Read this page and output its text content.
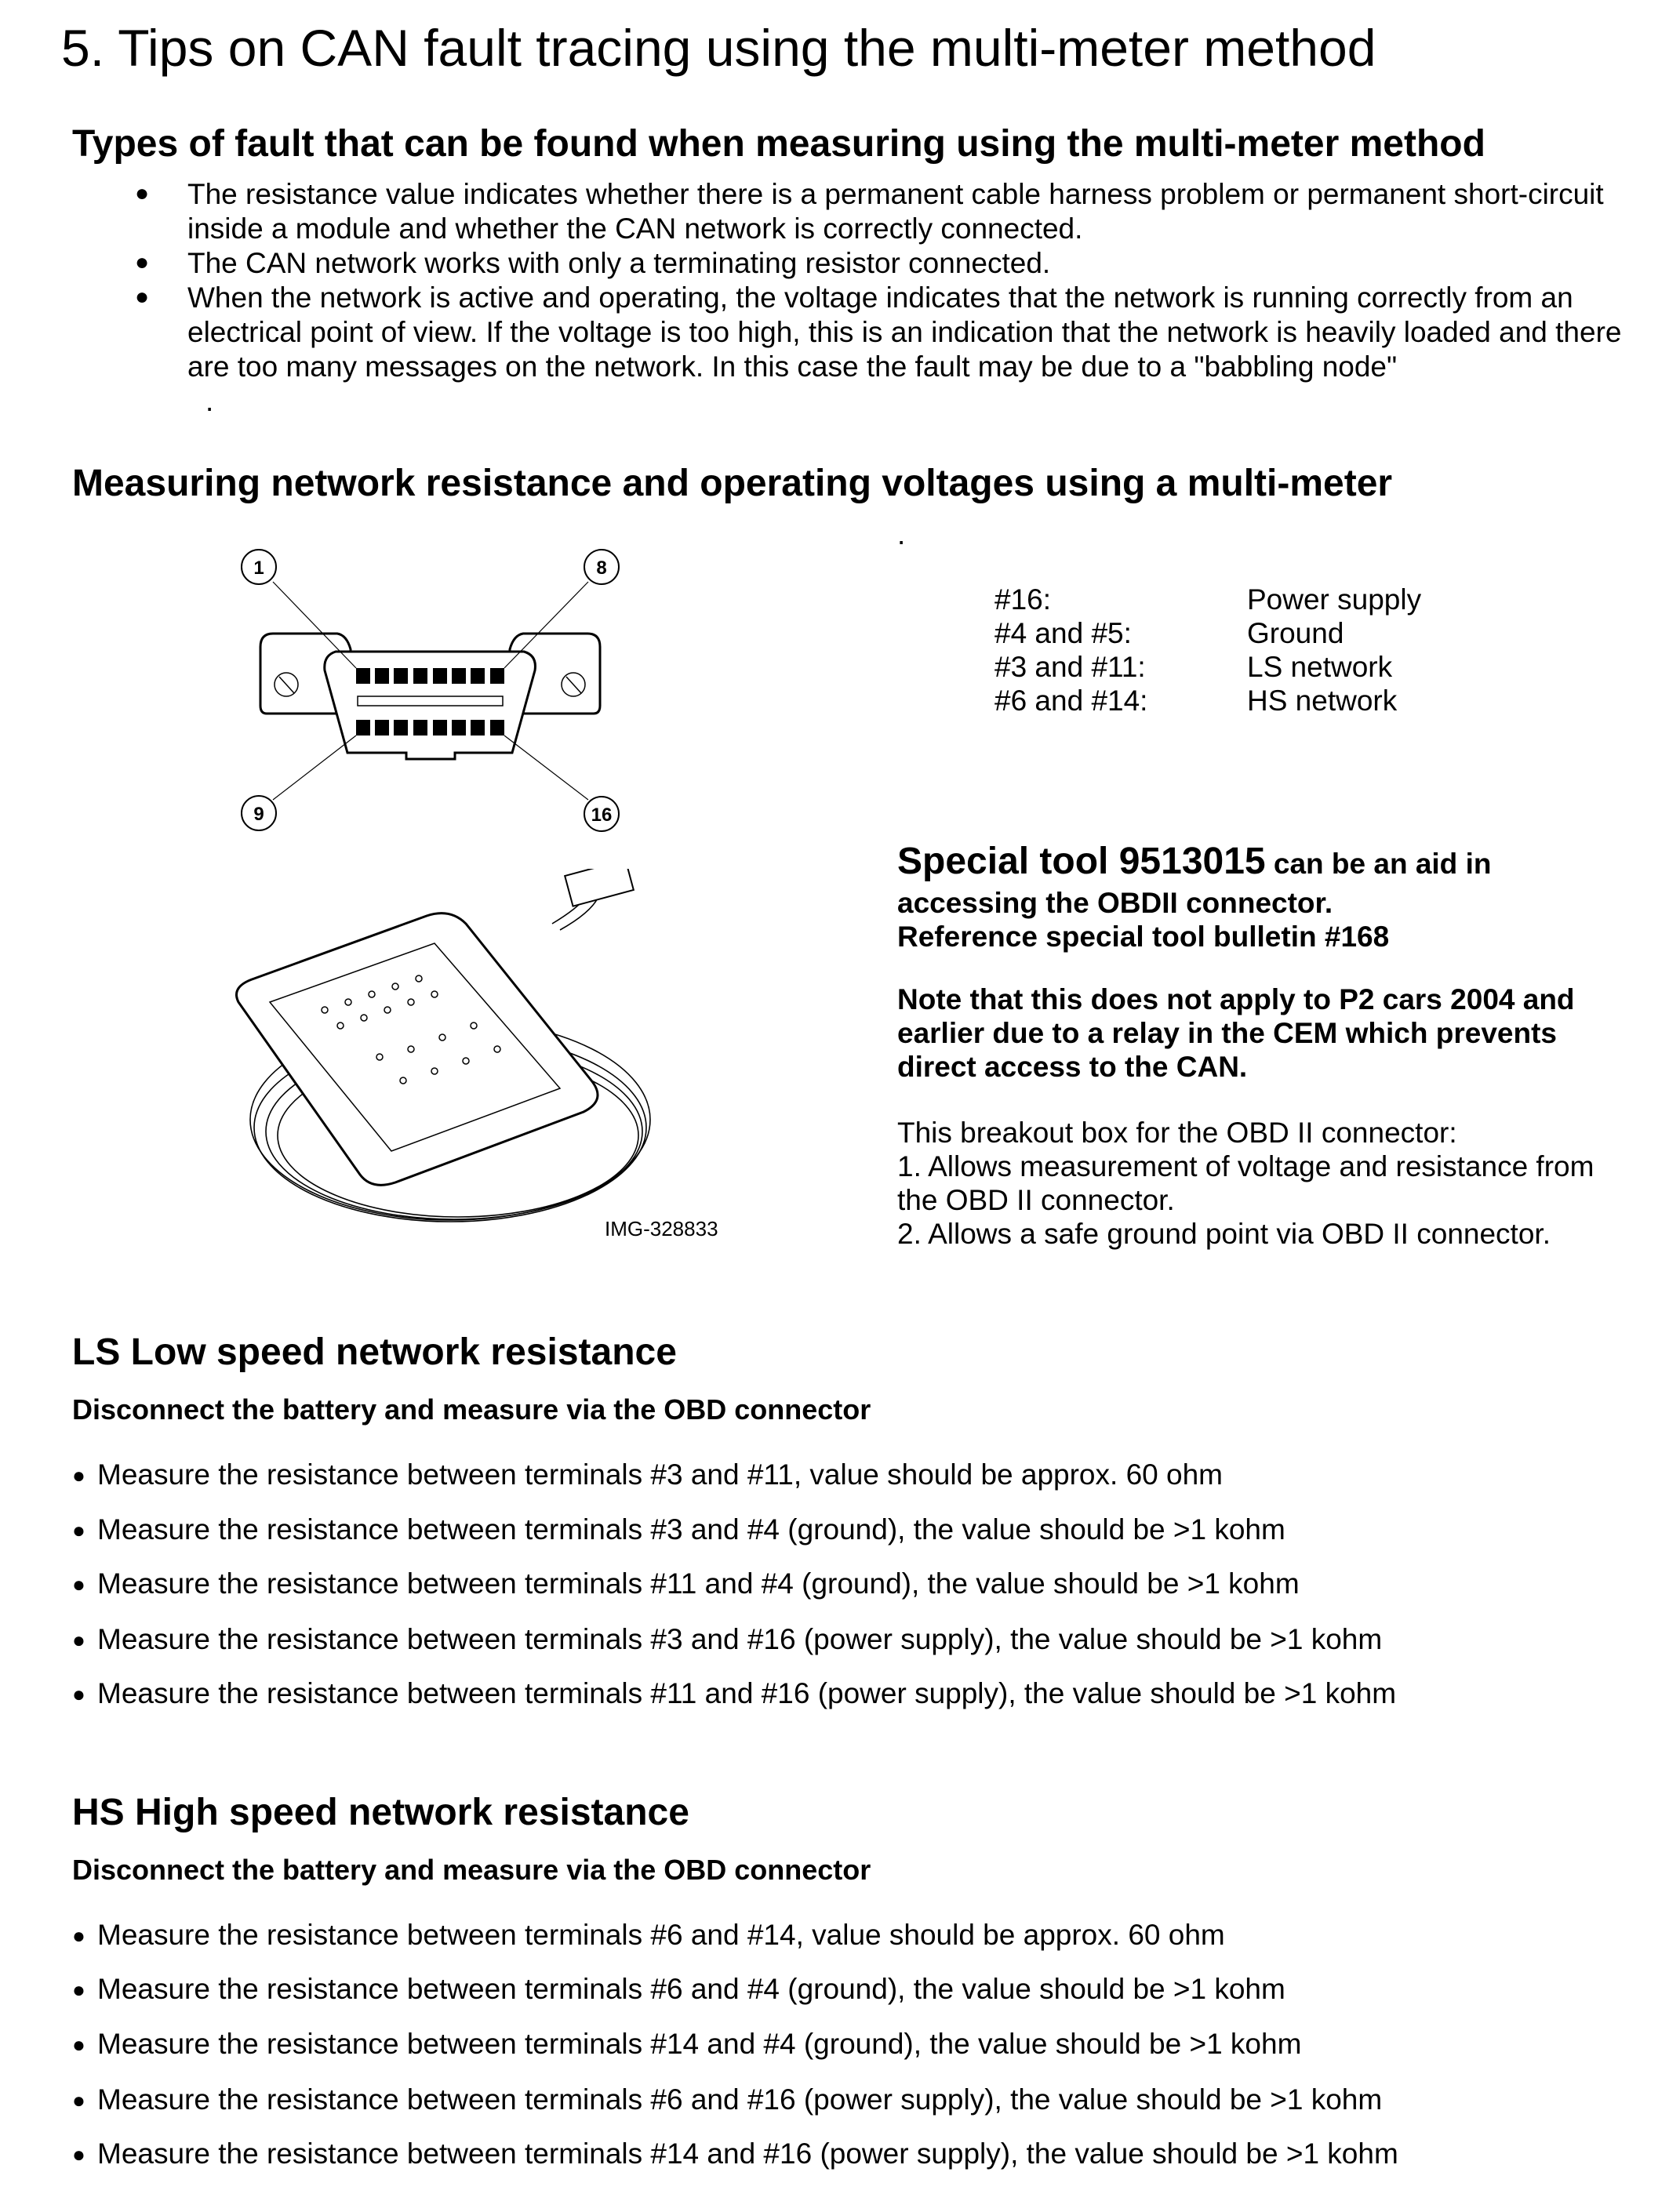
5. Tips on CAN fault tracing using the multi-meter method
Types of fault that can be found when measuring using the multi-meter method
● The resistance value indicates whether there is a permanent cable harness problem or permanent short-circuit
inside a module and whether the CAN network is correctly connected.
● The CAN network works with only a terminating resistor connected.
● When the network is active and operating, the voltage indicates that the network is running correctly from an
electrical point of view. If the voltage is too high, this is an indication that the network is heavily loaded and there
are too many messages on the network. In this case the fault may be due to a "babbling node"
.
Measuring network resistance and operating voltages using a multi-meter
.
1	8
9	16
#16:	Power supply
#4 and #5:	Ground
#3 and #11:	LS network
#6 and #14:	HS network
IMG-328833
Special tool 9513015 can be an aid in
accessing the OBDII connector.
Reference special tool bulletin #168
Note that this does not apply to P2 cars 2004 and
earlier due to a relay in the CEM which prevents
direct access to the CAN.
This breakout box for the OBD II connector:
1. Allows measurement of voltage and resistance from
the OBD II connector.
2. Allows a safe ground point via OBD II connector.
LS Low speed network resistance
Disconnect the battery and measure via the OBD connector
● Measure the resistance between terminals #3 and #11, value should be approx. 60 ohm
● Measure the resistance between terminals #3 and #4 (ground), the value should be >1 kohm
● Measure the resistance between terminals #11 and #4 (ground), the value should be >1 kohm
● Measure the resistance between terminals #3 and #16 (power supply), the value should be >1 kohm
● Measure the resistance between terminals #11 and #16 (power supply), the value should be >1 kohm
HS High speed network resistance
Disconnect the battery and measure via the OBD connector
● Measure the resistance between terminals #6 and #14, value should be approx. 60 ohm
● Measure the resistance between terminals #6 and #4 (ground), the value should be >1 kohm
● Measure the resistance between terminals #14 and #4 (ground), the value should be >1 kohm
● Measure the resistance between terminals #6 and #16 (power supply), the value should be >1 kohm
● Measure the resistance between terminals #14 and #16 (power supply), the value should be >1 kohm
